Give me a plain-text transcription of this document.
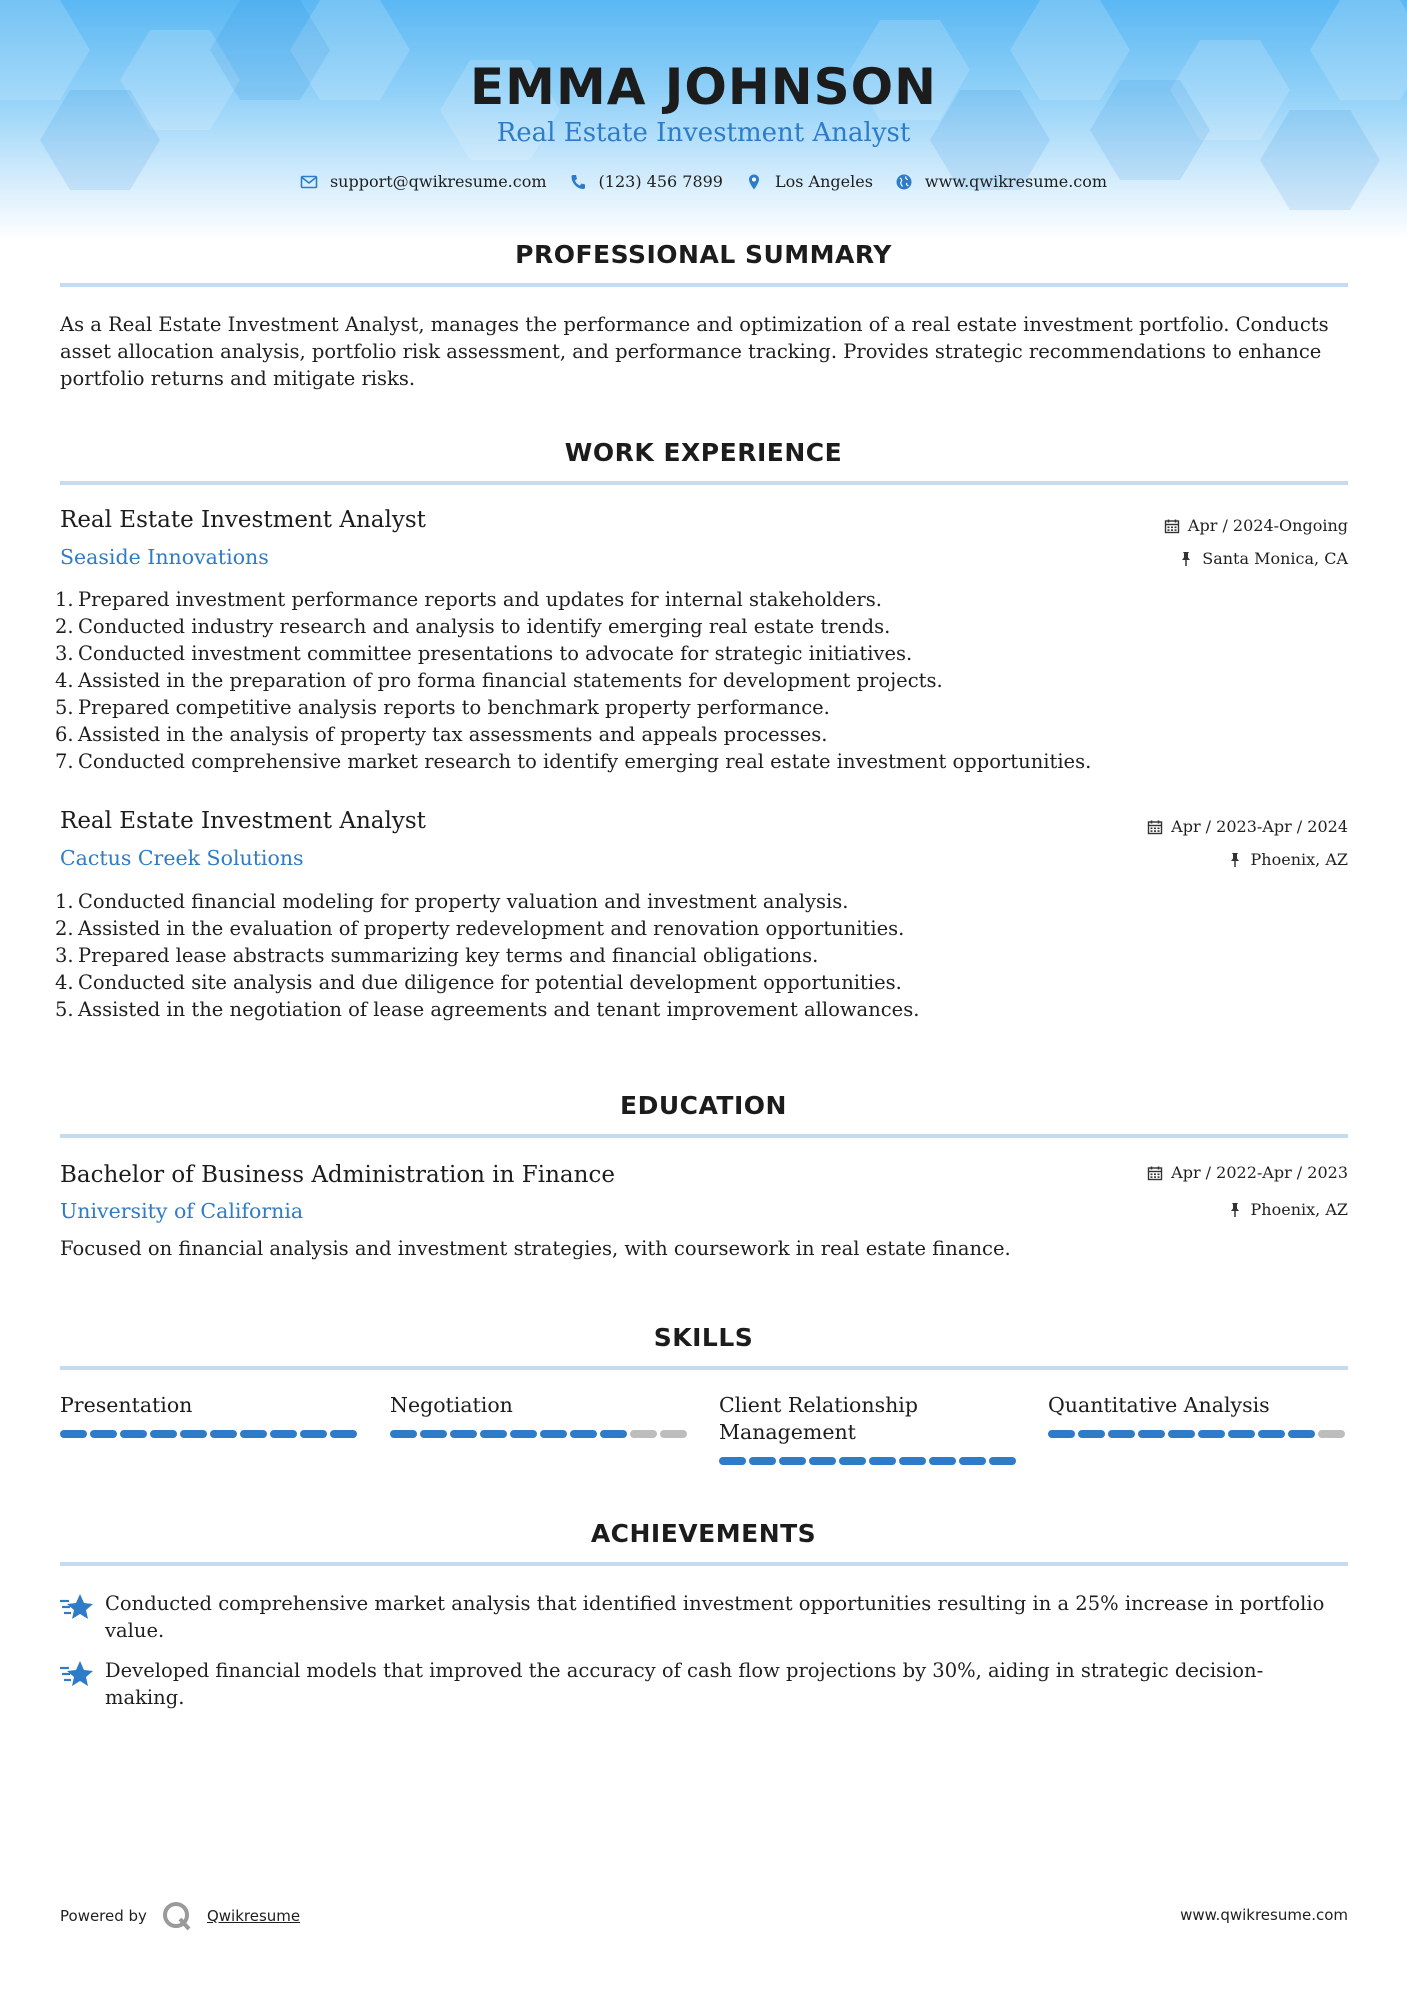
EMMA JOHNSON
Real Estate Investment Analyst
support@qwikresume.com	(123) 456 7899	Los Angeles	www.qwikresume.com
PROFESSIONAL SUMMARY
As a Real Estate Investment Analyst, manages the performance and optimization of a real estate investment portfolio. Conducts asset allocation analysis, portfolio risk assessment, and performance tracking. Provides strategic recommendations to enhance portfolio returns and mitigate risks.
WORK EXPERIENCE
Real Estate Investment Analyst
Seaside Innovations
Apr / 2024-Ongoing
Santa Monica, CA
1. Prepared investment performance reports and updates for internal stakeholders.
2. Conducted industry research and analysis to identify emerging real estate trends.
3. Conducted investment committee presentations to advocate for strategic initiatives.
4. Assisted in the preparation of pro forma financial statements for development projects.
5. Prepared competitive analysis reports to benchmark property performance.
6. Assisted in the analysis of property tax assessments and appeals processes.
7. Conducted comprehensive market research to identify emerging real estate investment opportunities.
Real Estate Investment Analyst
Cactus Creek Solutions
Apr / 2023-Apr / 2024
Phoenix, AZ
1. Conducted financial modeling for property valuation and investment analysis.
2. Assisted in the evaluation of property redevelopment and renovation opportunities.
3. Prepared lease abstracts summarizing key terms and financial obligations.
4. Conducted site analysis and due diligence for potential development opportunities.
5. Assisted in the negotiation of lease agreements and tenant improvement allowances.
EDUCATION
Bachelor of Business Administration in Finance
University of California
Apr / 2022-Apr / 2023
Phoenix, AZ
Focused on financial analysis and investment strategies, with coursework in real estate finance.
SKILLS
Presentation	Negotiation	Client Relationship Management
Quantitative Analysis
ACHIEVEMENTS
Conducted comprehensive market analysis that identified investment opportunities resulting in a 25% increase in portfolio value.
Developed financial models that improved the accuracy of cash flow projections by 30%, aiding in strategic decision-making.
Powered by	Qwikresume	www.qwikresume.com
